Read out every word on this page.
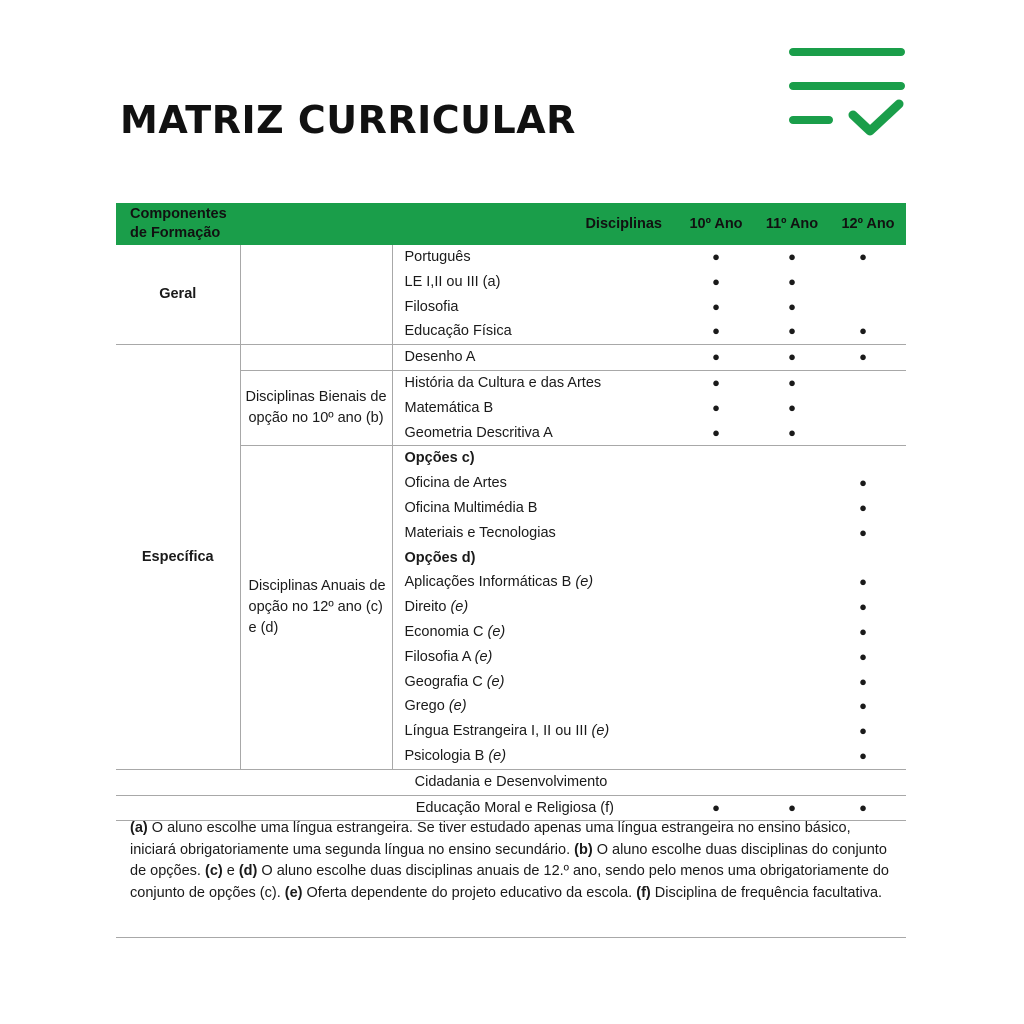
MATRIZ CURRICULAR
Componentes de Formação	Disciplinas		10º Ano	11º Ano	12º Ano
Geral		Português	●	●	●
		LE I,II ou III (a)	●	●	
		Filosofia	●	●	
		Educação Física	●	●	●
Específica		Desenho A	●	●	●
	Disciplinas Bienais de opção no 10º ano (b)	História da Cultura e das Artes	●	●	
		Matemática B	●	●	
		Geometria Descritiva A	●	●	
	Disciplinas Anuais de opção no 12º ano (c) e (d)	Opções c)			
		Oficina de Artes			●
		Oficina Multimédia B			●
		Materiais e Tecnologias			●
		Opções d)			
		Aplicações Informáticas B (e)			●
		Direito (e)			●
		Economia C (e)			●
		Filosofia A (e)			●
		Geografia C (e)			●
		Grego (e)			●
		Língua Estrangeira I, II ou III (e)			●
		Psicologia B (e)			●
Cidadania e Desenvolvimento					
Educação Moral e Religiosa (f)			●	●	●

(a) O aluno escolhe uma língua estrangeira. Se tiver estudado apenas uma língua estrangeira no ensino básico, iniciará obrigatoriamente uma segunda língua no ensino secundário. (b) O aluno escolhe duas disciplinas do conjunto de opções. (c) e (d) O aluno escolhe duas disciplinas anuais de 12.º ano, sendo pelo menos uma obrigatoriamente do conjunto de opções (c). (e) Oferta dependente do projeto educativo da escola. (f) Disciplina de frequência facultativa.
